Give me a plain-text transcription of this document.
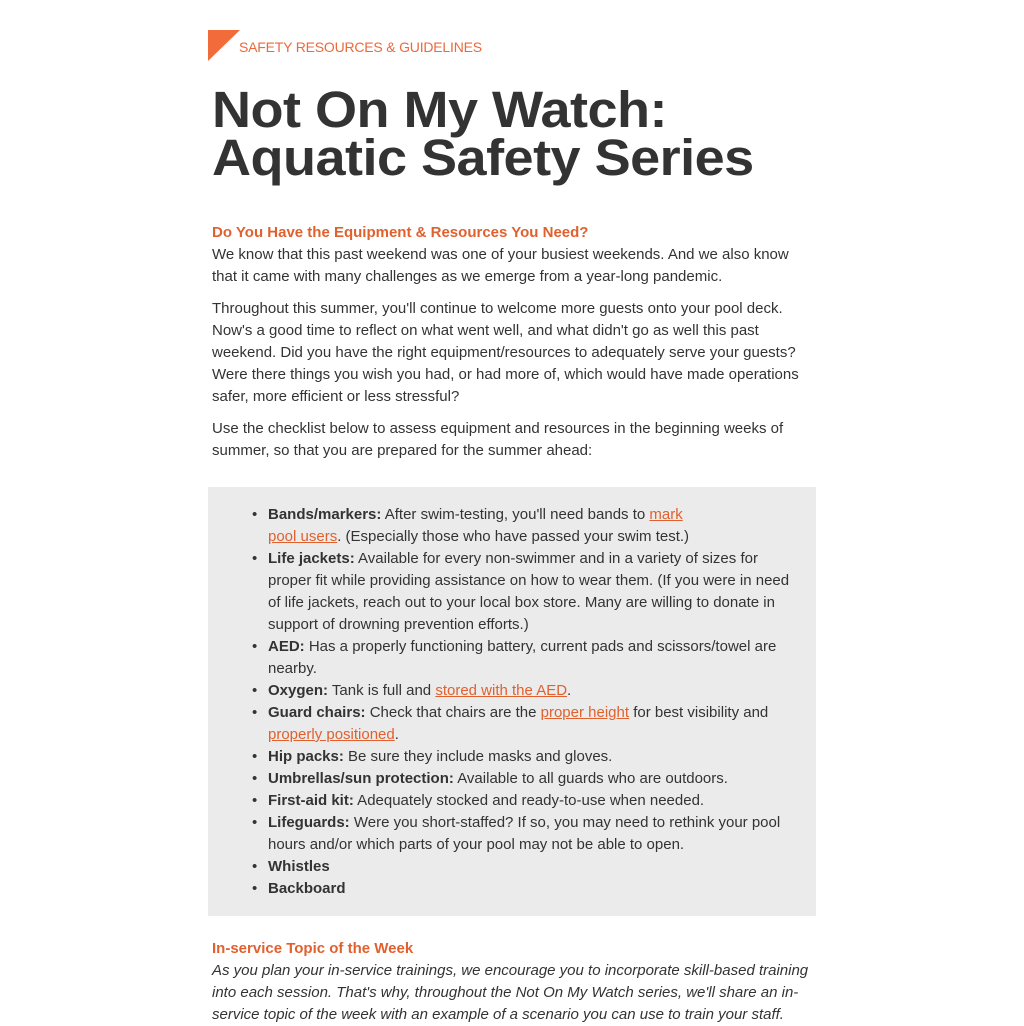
SAFETY RESOURCES & GUIDELINES
Not On My Watch:
Aquatic Safety Series

Do You Have the Equipment & Resources You Need?

We know that this past weekend was one of your busiest weekends. And we also know that it came with many challenges as we emerge from a year-long pandemic.

Throughout this summer, you'll continue to welcome more guests onto your pool deck. Now's a good time to reflect on what went well, and what didn't go as well this past weekend. Did you have the right equipment/resources to adequately serve your guests? Were there things you wish you had, or had more of, which would have made operations safer, more efficient or less stressful?

Use the checklist below to assess equipment and resources in the beginning weeks of summer, so that you are prepared for the summer ahead:

• Bands/markers: After swim-testing, you'll need bands to mark pool users. (Especially those who have passed your swim test.)
• Life jackets: Available for every non-swimmer and in a variety of sizes for proper fit while providing assistance on how to wear them. (If you were in need of life jackets, reach out to your local box store. Many are willing to donate in support of drowning prevention efforts.)
• AED: Has a properly functioning battery, current pads and scissors/towel are nearby.
• Oxygen: Tank is full and stored with the AED.
• Guard chairs: Check that chairs are the proper height for best visibility and properly positioned.
• Hip packs: Be sure they include masks and gloves.
• Umbrellas/sun protection: Available to all guards who are outdoors.
• First-aid kit: Adequately stocked and ready-to-use when needed.
• Lifeguards: Were you short-staffed? If so, you may need to rethink your pool hours and/or which parts of your pool may not be able to open.
• Whistles
• Backboard

In-service Topic of the Week

As you plan your in-service trainings, we encourage you to incorporate skill-based training into each session. That's why, throughout the Not On My Watch series, we'll share an in-service topic of the week with an example of a scenario you can use to train your staff.
